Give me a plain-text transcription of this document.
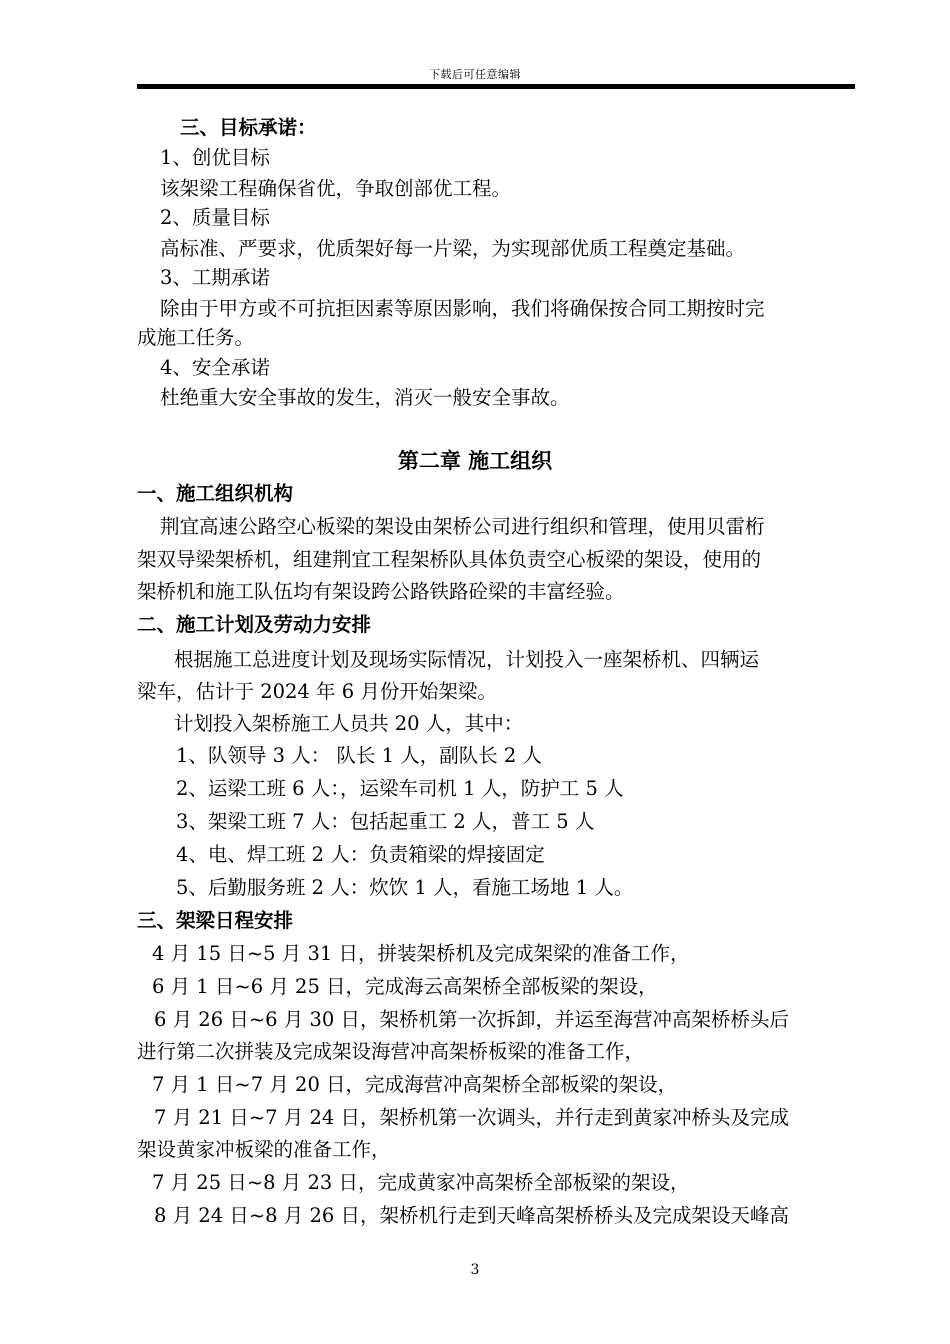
下载后可任意编辑
三、目标承诺：
1、创优目标
该架梁工程确保省优，争取创部优工程。
2、质量目标
高标准、严要求，优质架好每一片梁，为实现部优质工程奠定基础。
3、工期承诺
除由于甲方或不可抗拒因素等原因影响，我们将确保按合同工期按时完
成施工任务。
4、安全承诺
杜绝重大安全事故的发生，消灭一般安全事故。
第二章 施工组织
一、施工组织机构
荆宜高速公路空心板梁的架设由架桥公司进行组织和管理，使用贝雷桁
架双导梁架桥机，组建荆宜工程架桥队具体负责空心板梁的架设，使用的
架桥机和施工队伍均有架设跨公路铁路砼梁的丰富经验。
二、施工计划及劳动力安排
根据施工总进度计划及现场实际情况，计划投入一座架桥机、四辆运
梁车，估计于 2024 年 6 月份开始架梁。
计划投入架桥施工人员共 20 人，其中：
1、队领导 3 人： 队长 1 人，副队长 2 人
2、运梁工班 6 人：，运梁车司机 1 人，防护工 5 人
3、架梁工班 7 人：包括起重工 2 人，普工 5 人
4、电、焊工班 2 人：负责箱梁的焊接固定
5、后勤服务班 2 人：炊饮 1 人，看施工场地 1 人。
三、架梁日程安排
4 月 15 日~5 月 31 日，拼装架桥机及完成架梁的准备工作，
6 月 1 日~6 月 25 日，完成海云高架桥全部板梁的架设，
6 月 26 日~6 月 30 日，架桥机第一次拆卸，并运至海营冲高架桥桥头后
进行第二次拼装及完成架设海营冲高架桥板梁的准备工作，
7 月 1 日~7 月 20 日，完成海营冲高架桥全部板梁的架设，
7 月 21 日~7 月 24 日，架桥机第一次调头，并行走到黄家冲桥头及完成
架设黄家冲板梁的准备工作，
7 月 25 日~8 月 23 日，完成黄家冲高架桥全部板梁的架设，
8 月 24 日~8 月 26 日，架桥机行走到天峰高架桥桥头及完成架设天峰高
3
